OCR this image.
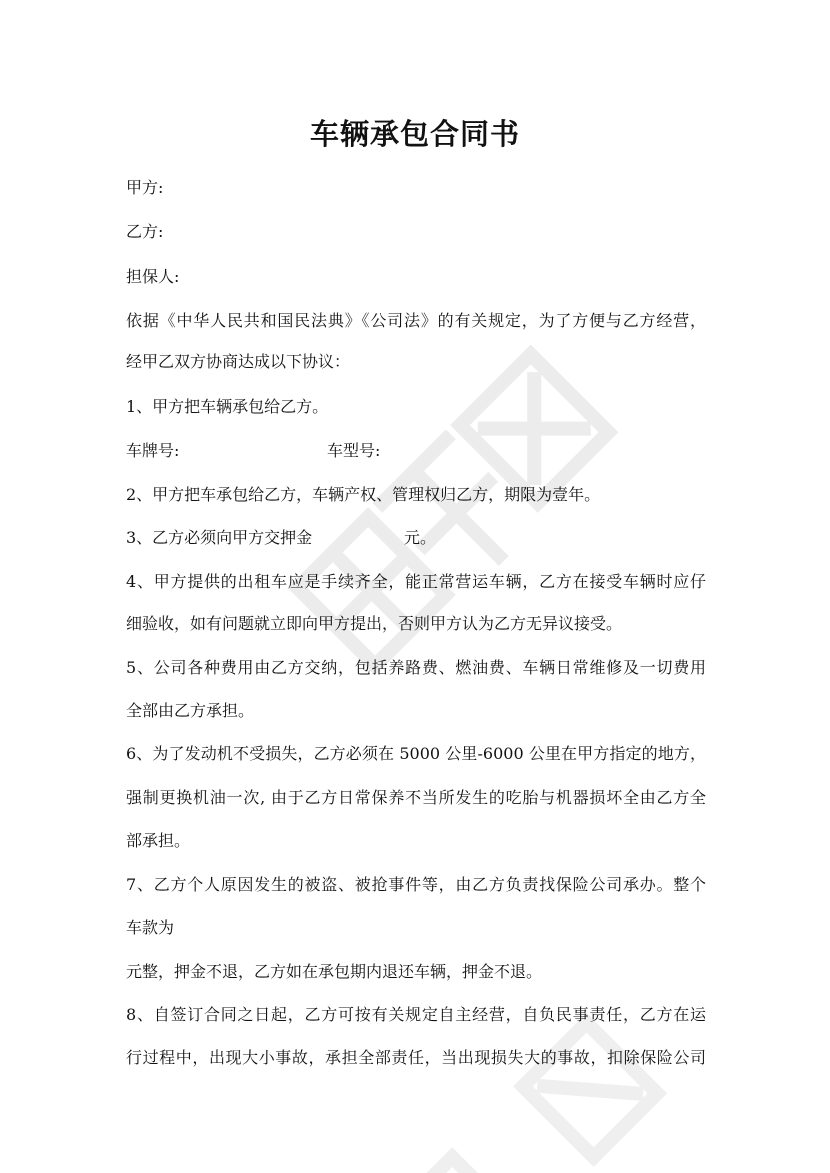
车辆承包合同书
甲方:
乙方:
担保人:
依据《中华人民共和国民法典》《公司法》的有关规定，为了方便与乙方经营，
经甲乙双方协商达成以下协议：
1、甲方把车辆承包给乙方。
车牌号:	车型号:
2、甲方把车承包给乙方，车辆产权、管理权归乙方，期限为壹年。
3、乙方必须向甲方交押金	元。
4、甲方提供的出租车应是手续齐全，能正常营运车辆，乙方在接受车辆时应仔
细验收，如有问题就立即向甲方提出，否则甲方认为乙方无异议接受。
5、公司各种费用由乙方交纳，包括养路费、燃油费、车辆日常维修及一切费用
全部由乙方承担。
6、为了发动机不受损失，乙方必须在 5000 公里-6000 公里在甲方指定的地方，
强制更换机油一次, 由于乙方日常保养不当所发生的吃胎与机器损坏全由乙方全
部承担。
7、乙方个人原因发生的被盗、被抢事件等，由乙方负责找保险公司承办。整个
车款为
元整，押金不退，乙方如在承包期内退还车辆，押金不退。
8、自签订合同之日起，乙方可按有关规定自主经营，自负民事责任，乙方在运
行过程中，出现大小事故，承担全部责任，当出现损失大的事故，扣除保险公司
